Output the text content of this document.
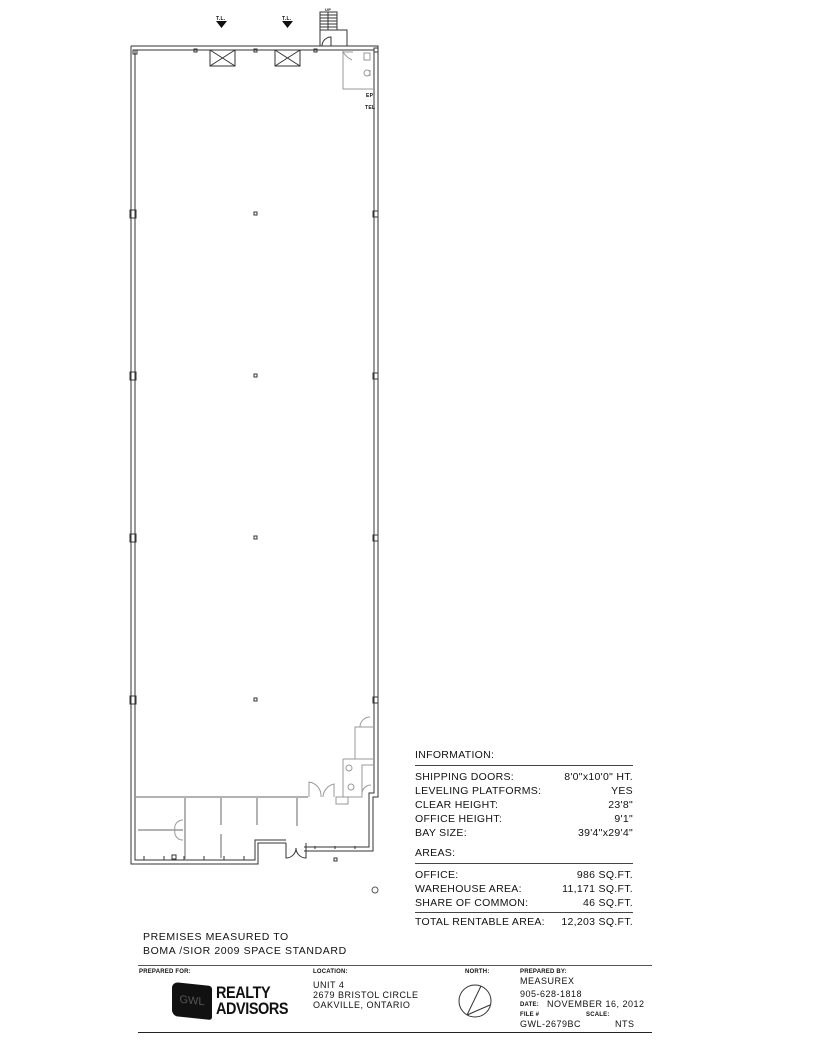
T.L.	T.L.
UP
EP
TEL
INFORMATION:
SHIPPING DOORS:	8'0"x10'0" HT.
LEVELING PLATFORMS:	YES
CLEAR HEIGHT:	23'8"
OFFICE HEIGHT:	9'1"
BAY SIZE:	39'4"x29'4"
AREAS:
OFFICE:	986 SQ.FT.
WAREHOUSE AREA:	11,171 SQ.FT.
SHARE OF COMMON:	46 SQ.FT.
TOTAL RENTABLE AREA: 12,203 SQ.FT.
PREMISES MEASURED TO
BOMA /SIOR 2009 SPACE STANDARD
PREPARED FOR:
GWL REALTY
ADVISORS
LOCATION:
UNIT 4
2679 BRISTOL CIRCLE
OAKVILLE, ONTARIO
NORTH:	PREPARED BY:
MEASUREX
905-628-1818
DATE: NOVEMBER 16, 2012
FILE #	SCALE:
GWL-2679BC	NTS
